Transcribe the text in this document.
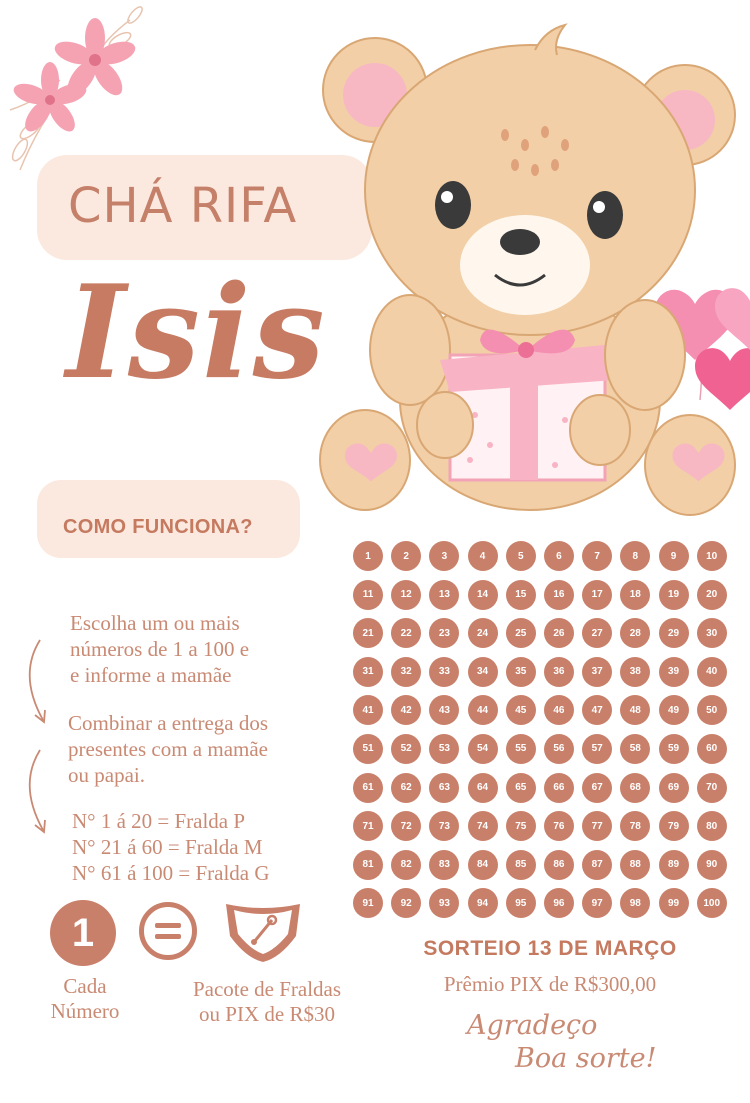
CHÁ RIFA
Isis
COMO FUNCIONA?
Escolha um ou mais
números de 1 a 100 e
e informe a mamãe
Combinar a entrega dos
presentes com a mamãe
ou papai.
N° 1 á 20 = Fralda P
N° 21 á 60 = Fralda M
N° 61 á 100 = Fralda G
1	2	3	4	5	6	7	8	9	10
11	12	13	14	15	16	17	18	19	20
21	22	23	24	25	26	27	28	29	30
31	32	33	34	35	36	37	38	39	40
41	42	43	44	45	46	47	48	49	50
51	52	53	54	55	56	57	58	59	60
61	62	63	64	65	66	67	68	69	70
71	72	73	74	75	76	77	78	79	80
81	82	83	84	85	86	87	88	89	90
91	92	93	94	95	96	97	98	99	100
1
Cada
Número
Pacote de Fraldas
ou PIX de R$30
SORTEIO 13 DE MARÇO
Prêmio PIX de R$300,00
Agradeço
Boa sorte!
